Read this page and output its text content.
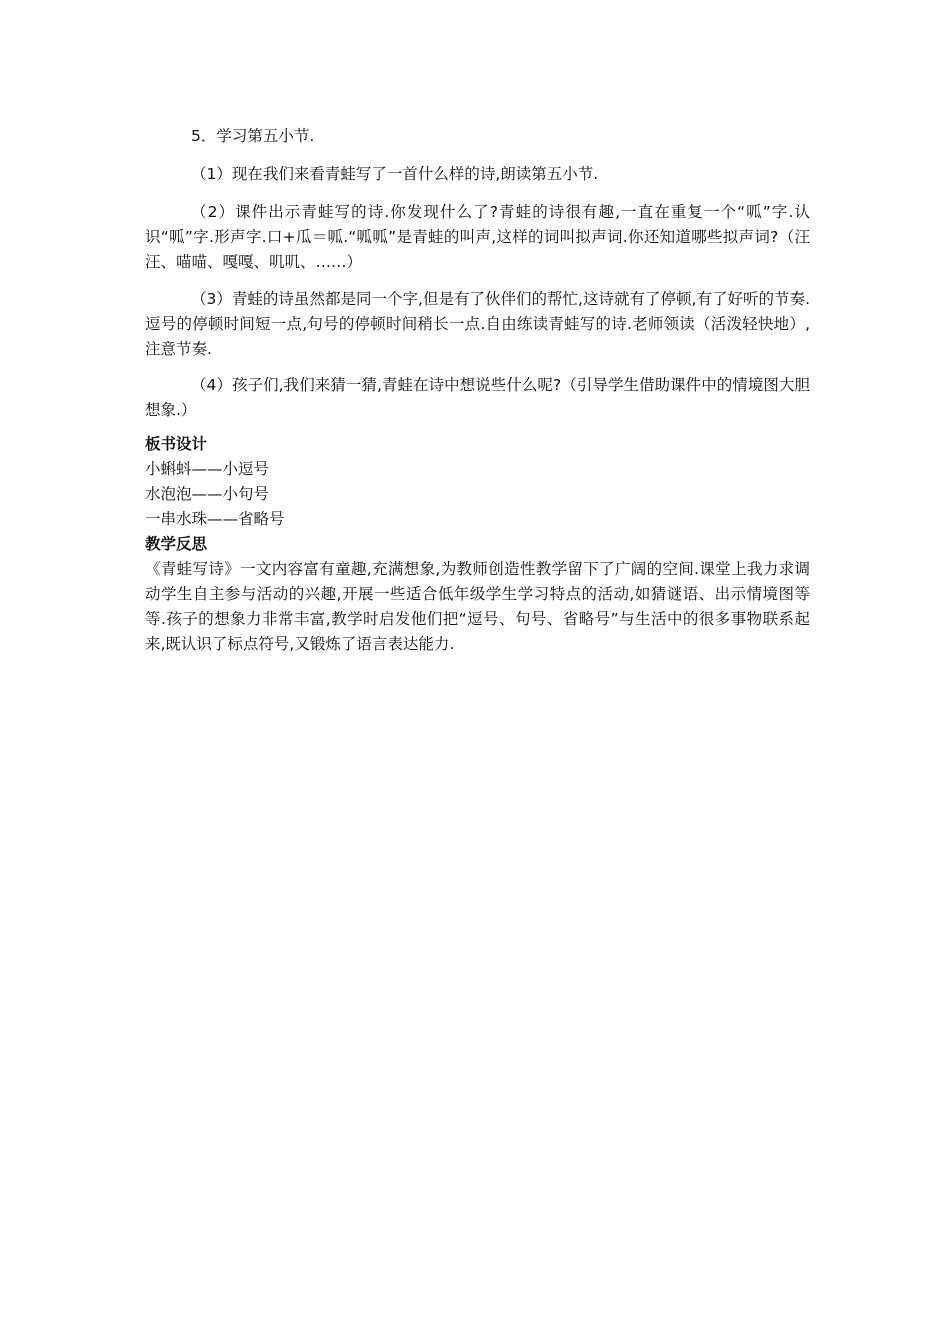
5．学习第五小节.

（1）现在我们来看青蛙写了一首什么样的诗,朗读第五小节.

（2）课件出示青蛙写的诗.你发现什么了?青蛙的诗很有趣,一直在重复一个“呱”字.认识“呱”字.形声字.口+瓜＝呱.“呱呱”是青蛙的叫声,这样的词叫拟声词.你还知道哪些拟声词?（汪汪、喵喵、嘎嘎、叽叽、……）

（3）青蛙的诗虽然都是同一个字,但是有了伙伴们的帮忙,这诗就有了停顿,有了好听的节奏.逗号的停顿时间短一点,句号的停顿时间稍长一点.自由练读青蛙写的诗.老师领读（活泼轻快地）,注意节奏.

（4）孩子们,我们来猜一猜,青蛙在诗中想说些什么呢?（引导学生借助课件中的情境图大胆想象.）

板书设计

小蝌蚪——小逗号

水泡泡——小句号

一串水珠——省略号

教学反思

《青蛙写诗》一文内容富有童趣,充满想象,为教师创造性教学留下了广阔的空间.课堂上我力求调动学生自主参与活动的兴趣,开展一些适合低年级学生学习特点的活动,如猜谜语、出示情境图等等.孩子的想象力非常丰富,教学时启发他们把“逗号、句号、省略号”与生活中的很多事物联系起来,既认识了标点符号,又锻炼了语言表达能力.
